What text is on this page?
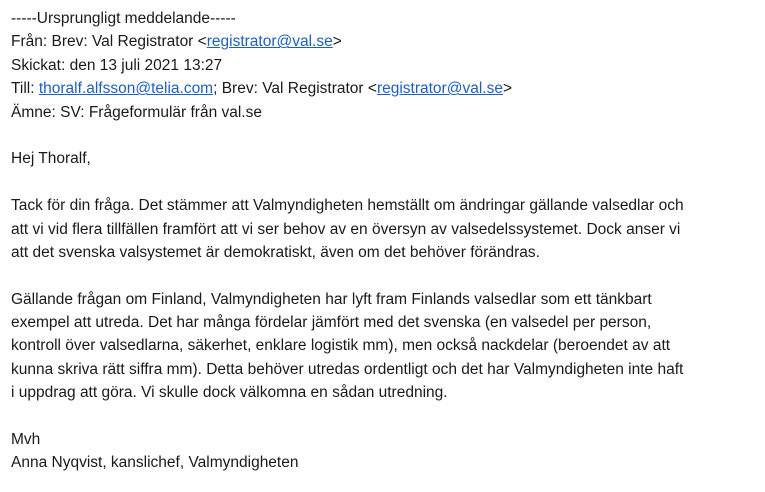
-----Ursprungligt meddelande-----
Från: Brev: Val Registrator <registrator@val.se>
Skickat: den 13 juli 2021 13:27
Till: thoralf.alfsson@telia.com; Brev: Val Registrator <registrator@val.se>
Ämne: SV: Frågeformulär från val.se
Hej Thoralf,
Tack för din fråga. Det stämmer att Valmyndigheten hemställt om ändringar gällande valsedlar och
att vi vid flera tillfällen framfört att vi ser behov av en översyn av valsedelssystemet. Dock anser vi
att det svenska valsystemet är demokratiskt, även om det behöver förändras.
Gällande frågan om Finland, Valmyndigheten har lyft fram Finlands valsedlar som ett tänkbart
exempel att utreda. Det har många fördelar jämfört med det svenska (en valsedel per person,
kontroll över valsedlarna, säkerhet, enklare logistik mm), men också nackdelar (beroendet av att
kunna skriva rätt siffra mm). Detta behöver utredas ordentligt och det har Valmyndigheten inte haft
i uppdrag att göra. Vi skulle dock välkomna en sådan utredning.
Mvh
Anna Nyqvist, kanslichef, Valmyndigheten
